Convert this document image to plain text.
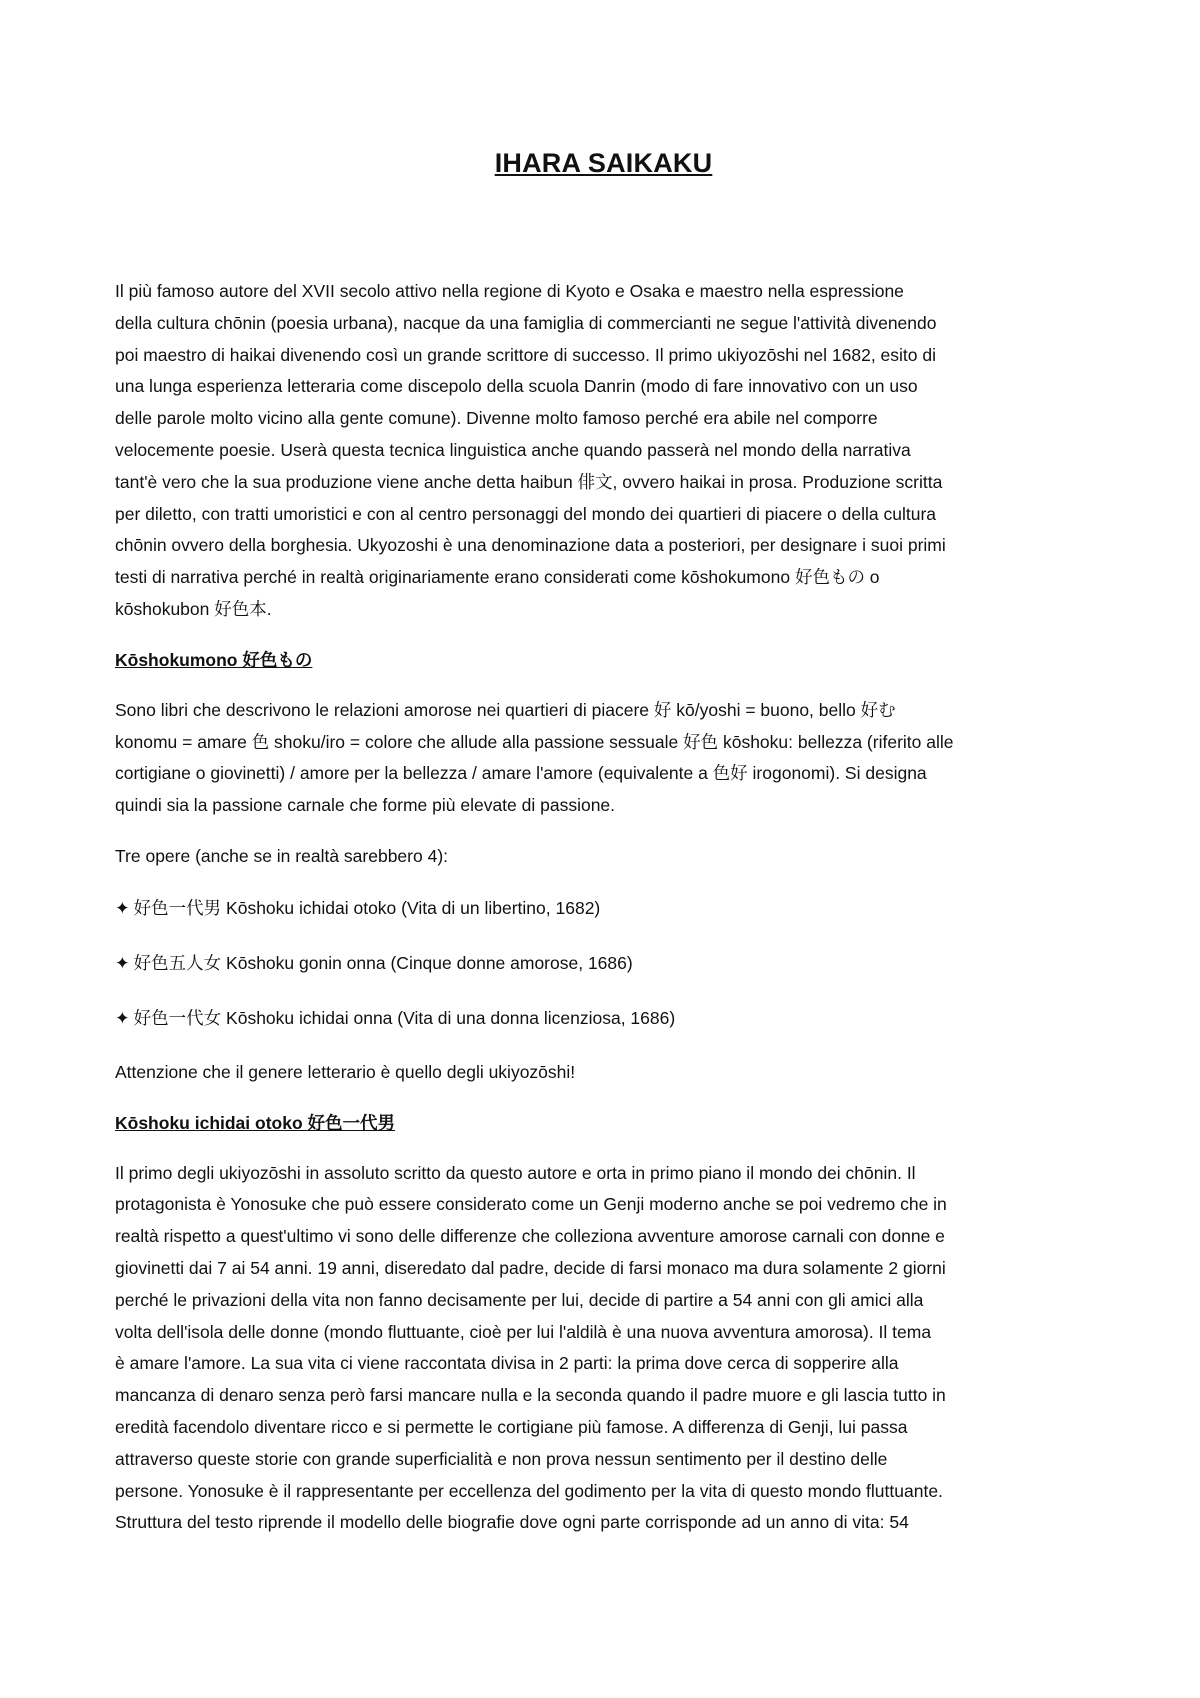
IHARA SAIKAKU

Il più famoso autore del XVII secolo attivo nella regione di Kyoto e Osaka e maestro nella espressione

della cultura chōnin (poesia urbana), nacque da una famiglia di commercianti ne segue l'attività divenendo

poi maestro di haikai divenendo così un grande scrittore di successo. Il primo ukiyozōshi nel 1682, esito di

una lunga esperienza letteraria come discepolo della scuola Danrin (modo di fare innovativo con un uso

delle parole molto vicino alla gente comune). Divenne molto famoso perché era abile nel comporre

velocemente poesie. Userà questa tecnica linguistica anche quando passerà nel mondo della narrativa

tant'è vero che la sua produzione viene anche detta haibun 俳文, ovvero haikai in prosa. Produzione scritta

per diletto, con tratti umoristici e con al centro personaggi del mondo dei quartieri di piacere o della cultura

chōnin ovvero della borghesia. Ukyozoshi è una denominazione data a posteriori, per designare i suoi primi

testi di narrativa perché in realtà originariamente erano considerati come kōshokumono 好色もの o

kōshokubon 好色本.

Kōshokumono 好色もの

Sono libri che descrivono le relazioni amorose nei quartieri di piacere 好 kō/yoshi = buono, bello 好む

konomu = amare 色 shoku/iro = colore che allude alla passione sessuale 好色 kōshoku: bellezza (riferito alle

cortigiane o giovinetti) / amore per la bellezza / amare l'amore (equivalente a 色好 irogonomi). Si designa

quindi sia la passione carnale che forme più elevate di passione.

Tre opere (anche se in realtà sarebbero 4):

✦ 好色一代男 Kōshoku ichidai otoko (Vita di un libertino, 1682)

✦ 好色五人女 Kōshoku gonin onna (Cinque donne amorose, 1686)

✦ 好色一代女 Kōshoku ichidai onna (Vita di una donna licenziosa, 1686)

Attenzione che il genere letterario è quello degli ukiyozōshi!

Kōshoku ichidai otoko 好色一代男

Il primo degli ukiyozōshi in assoluto scritto da questo autore e orta in primo piano il mondo dei chōnin. Il

protagonista è Yonosuke che può essere considerato come un Genji moderno anche se poi vedremo che in

realtà rispetto a quest'ultimo vi sono delle differenze che colleziona avventure amorose carnali con donne e

giovinetti dai 7 ai 54 anni. 19 anni, diseredato dal padre, decide di farsi monaco ma dura solamente 2 giorni

perché le privazioni della vita non fanno decisamente per lui, decide di partire a 54 anni con gli amici alla

volta dell'isola delle donne (mondo fluttuante, cioè per lui l'aldilà è una nuova avventura amorosa). Il tema

è amare l'amore. La sua vita ci viene raccontata divisa in 2 parti: la prima dove cerca di sopperire alla

mancanza di denaro senza però farsi mancare nulla e la seconda quando il padre muore e gli lascia tutto in

eredità facendolo diventare ricco e si permette le cortigiane più famose. A differenza di Genji, lui passa

attraverso queste storie con grande superficialità e non prova nessun sentimento per il destino delle

persone. Yonosuke è il rappresentante per eccellenza del godimento per la vita di questo mondo fluttuante.

Struttura del testo riprende il modello delle biografie dove ogni parte corrisponde ad un anno di vita: 54
